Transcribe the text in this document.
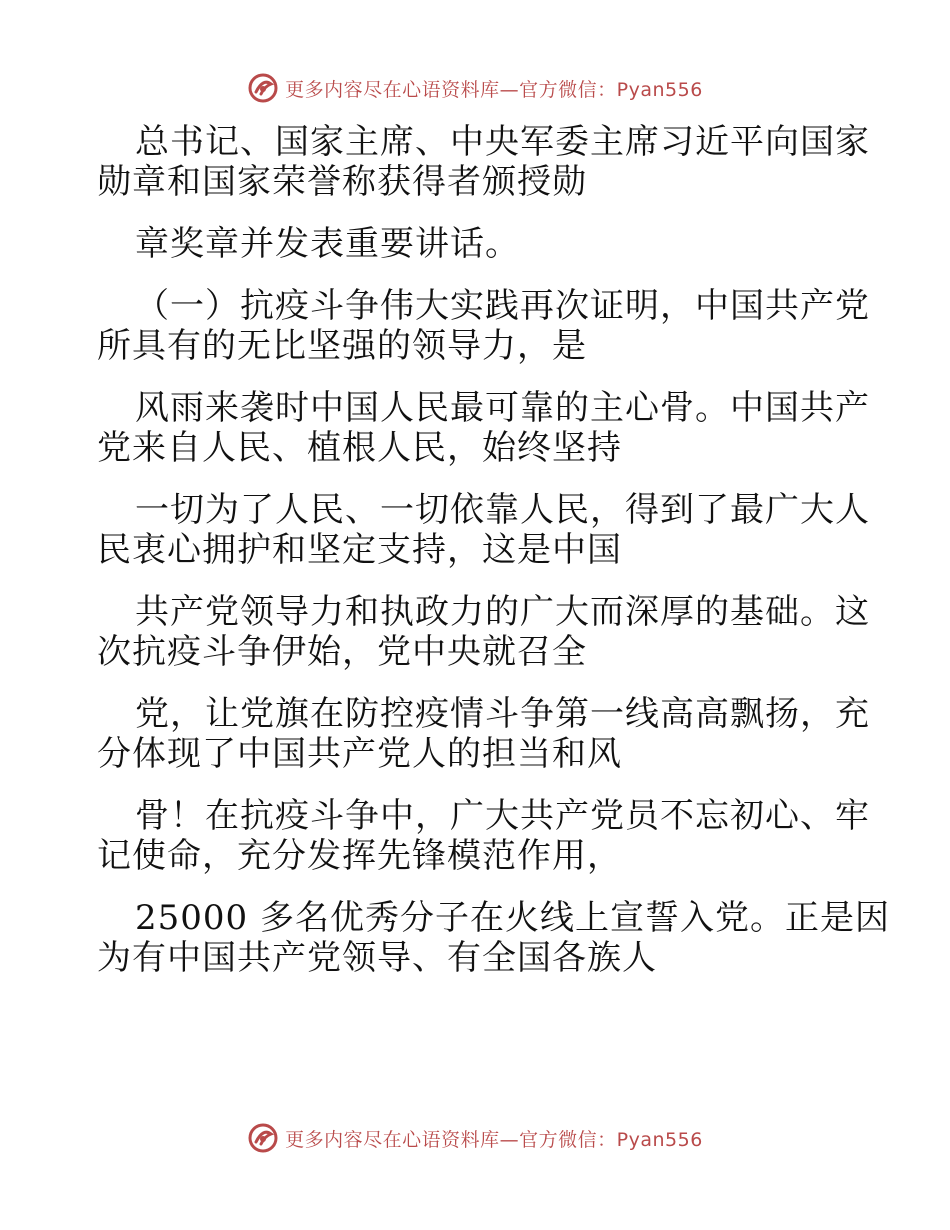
更多内容尽在心语资料库—官方微信：Pyan556

总书记、国家主席、中央军委主席习近平向国家

勋章和国家荣誉称获得者颁授勋

章奖章并发表重要讲话。

（一）抗疫斗争伟大实践再次证明，中国共产党

所具有的无比坚强的领导力，是

风雨来袭时中国人民最可靠的主心骨。中国共产

党来自人民、植根人民，始终坚持

一切为了人民、一切依靠人民，得到了最广大人

民衷心拥护和坚定支持，这是中国

共产党领导力和执政力的广大而深厚的基础。这

次抗疫斗争伊始，党中央就召全

党，让党旗在防控疫情斗争第一线高高飘扬，充

分体现了中国共产党人的担当和风

骨！在抗疫斗争中，广大共产党员不忘初心、牢

记使命，充分发挥先锋模范作用，

25000 多名优秀分子在火线上宣誓入党。正是因

为有中国共产党领导、有全国各族人

更多内容尽在心语资料库—官方微信：Pyan556
